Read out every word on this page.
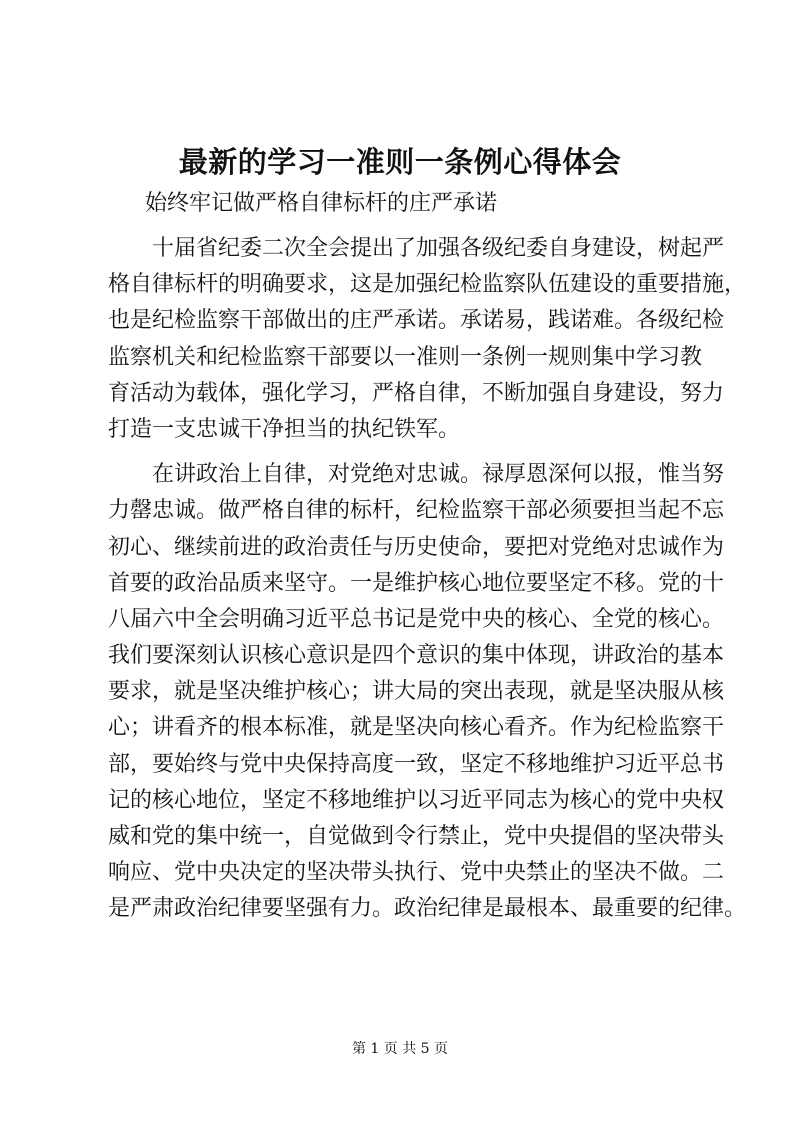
最新的学习一准则一条例心得体会
始终牢记做严格自律标杆的庄严承诺
　　十届省纪委二次全会提出了加强各级纪委自身建设，树起严
格自律标杆的明确要求，这是加强纪检监察队伍建设的重要措施，
也是纪检监察干部做出的庄严承诺。承诺易，践诺难。各级纪检
监察机关和纪检监察干部要以一准则一条例一规则集中学习教
育活动为载体，强化学习，严格自律，不断加强自身建设，努力
打造一支忠诚干净担当的执纪铁军。
　　在讲政治上自律，对党绝对忠诚。禄厚恩深何以报，惟当努
力罄忠诚。做严格自律的标杆，纪检监察干部必须要担当起不忘
初心、继续前进的政治责任与历史使命，要把对党绝对忠诚作为
首要的政治品质来坚守。一是维护核心地位要坚定不移。党的十
八届六中全会明确习近平总书记是党中央的核心、全党的核心。
我们要深刻认识核心意识是四个意识的集中体现，讲政治的基本
要求，就是坚决维护核心；讲大局的突出表现，就是坚决服从核
心；讲看齐的根本标准，就是坚决向核心看齐。作为纪检监察干
部，要始终与党中央保持高度一致，坚定不移地维护习近平总书
记的核心地位，坚定不移地维护以习近平同志为核心的党中央权
威和党的集中统一，自觉做到令行禁止，党中央提倡的坚决带头
响应、党中央决定的坚决带头执行、党中央禁止的坚决不做。二
是严肃政治纪律要坚强有力。政治纪律是最根本、最重要的纪律。
第 1 页 共 5 页
